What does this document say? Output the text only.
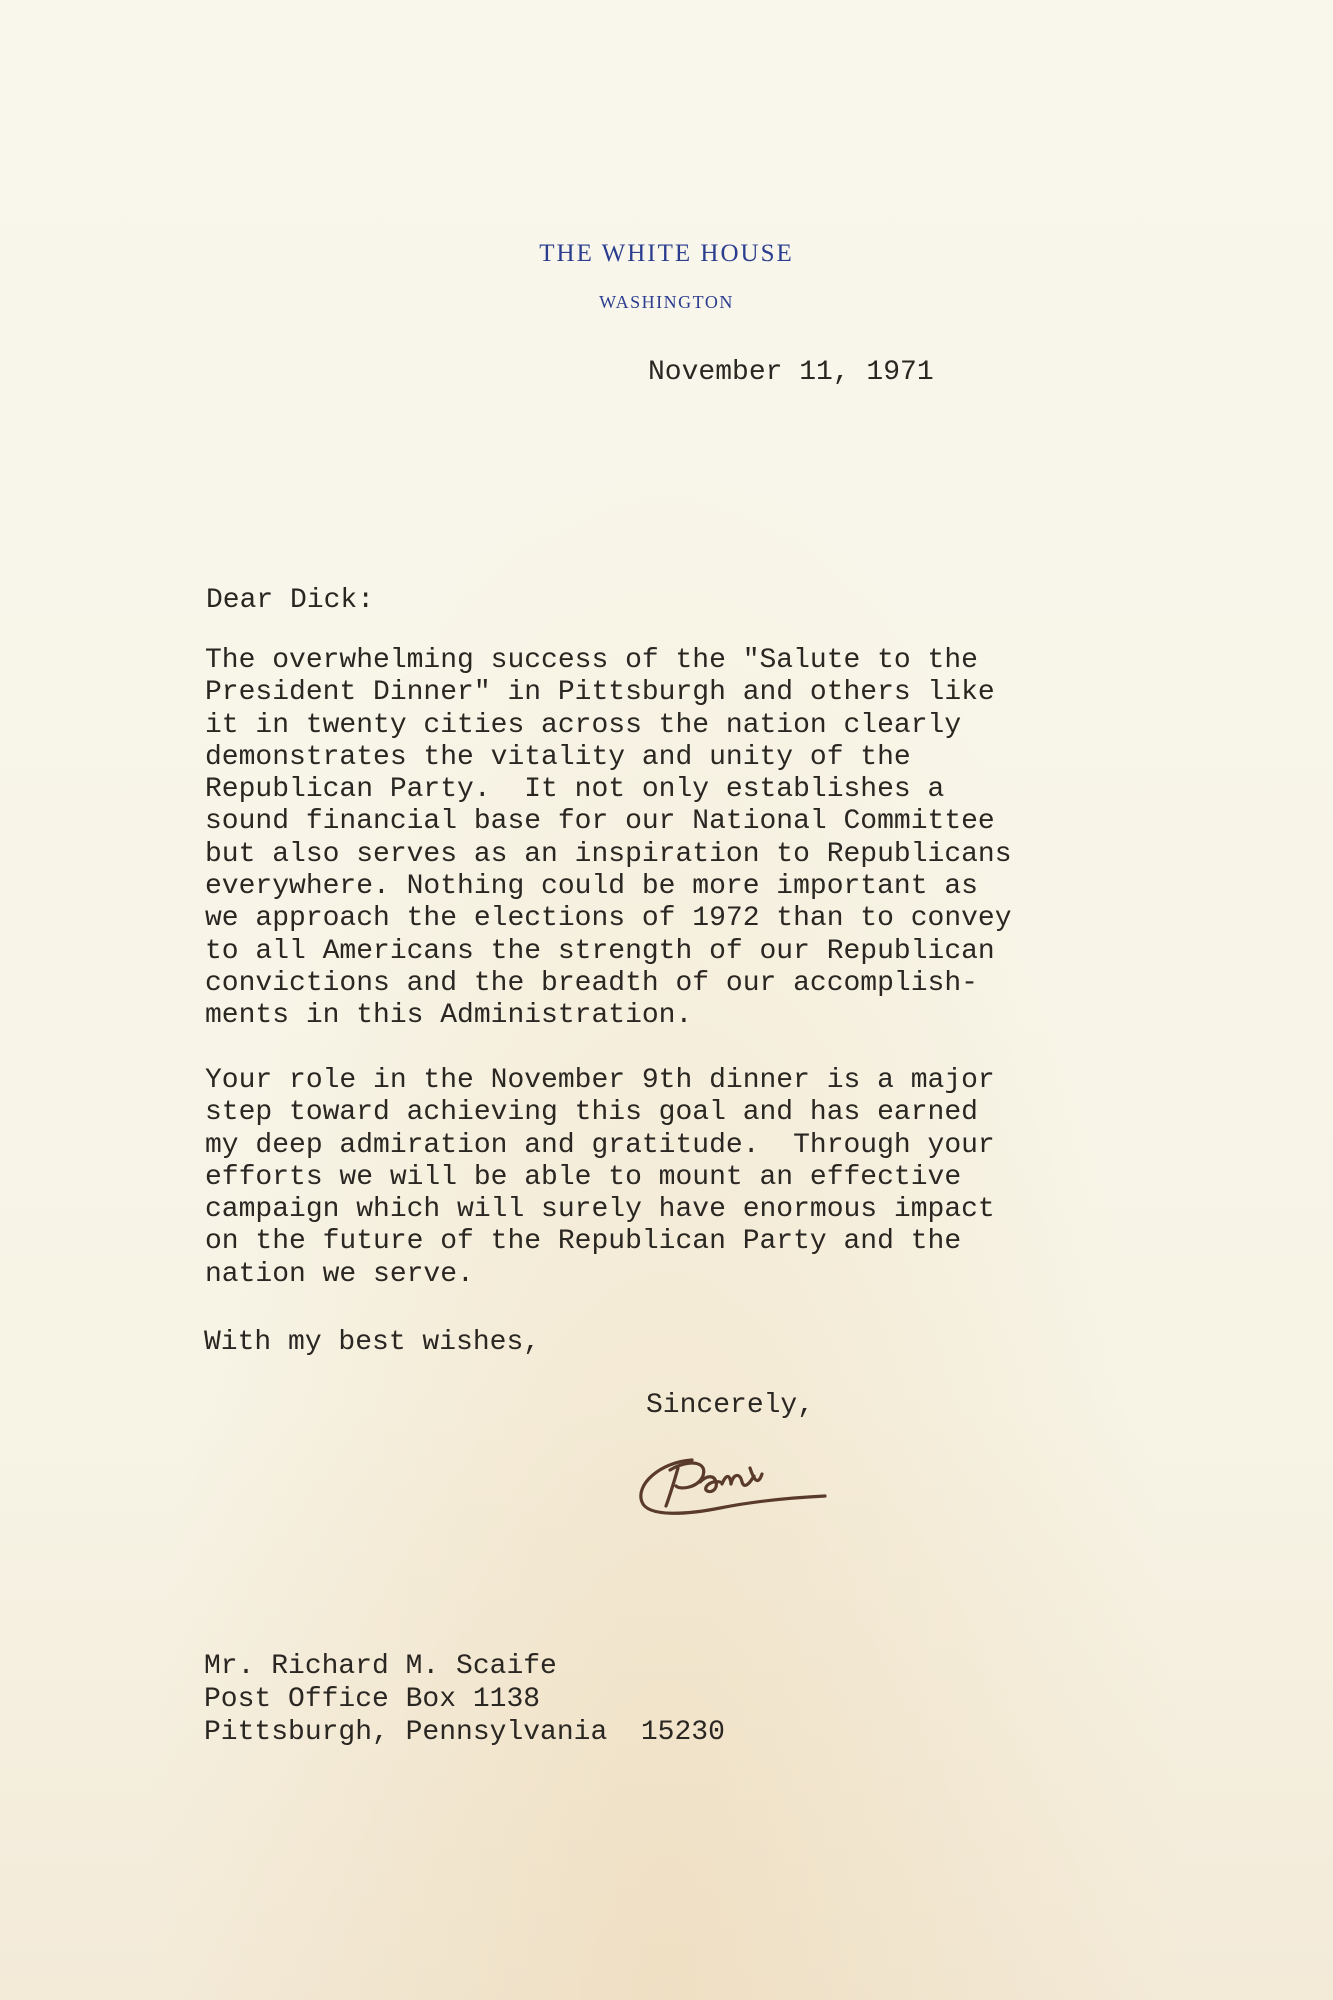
THE WHITE HOUSE
WASHINGTON
November 11, 1971
Dear Dick:
The overwhelming success of the "Salute to the
President Dinner" in Pittsburgh and others like
it in twenty cities across the nation clearly
demonstrates the vitality and unity of the
Republican Party.  It not only establishes a
sound financial base for our National Committee
but also serves as an inspiration to Republicans
everywhere. Nothing could be more important as
we approach the elections of 1972 than to convey
to all Americans the strength of our Republican
convictions and the breadth of our accomplish-
ments in this Administration.
Your role in the November 9th dinner is a major
step toward achieving this goal and has earned
my deep admiration and gratitude.  Through your
efforts we will be able to mount an effective
campaign which will surely have enormous impact
on the future of the Republican Party and the
nation we serve.
With my best wishes,
Sincerely,
Mr. Richard M. Scaife
Post Office Box 1138
Pittsburgh, Pennsylvania  15230
